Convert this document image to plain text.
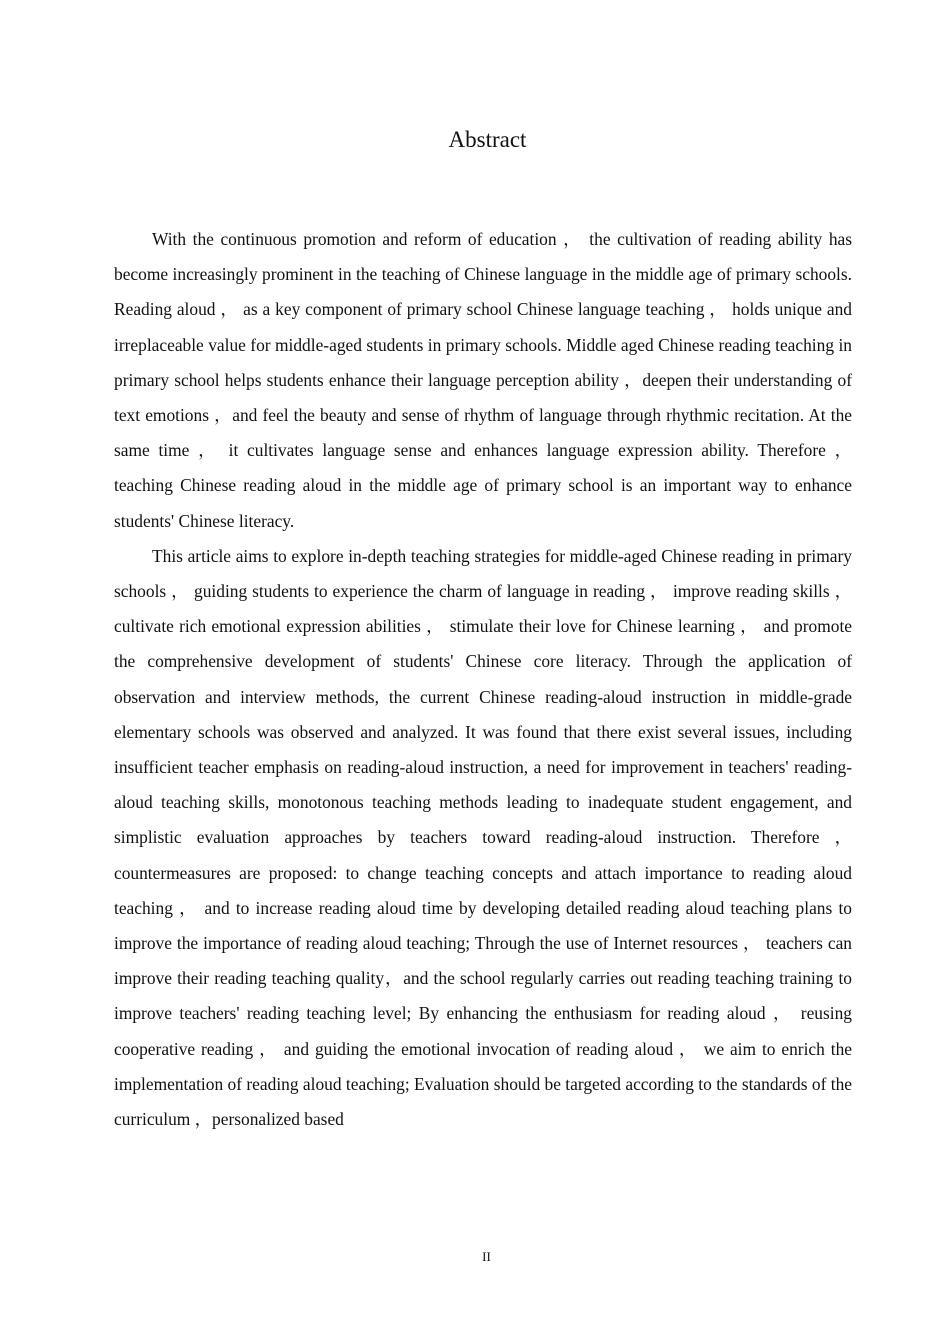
Abstract

With the continuous promotion and reform of education ， the cultivation of reading ability has become increasingly prominent in the teaching of Chinese language in the middle age of primary schools. Reading aloud ， as a key component of primary school Chinese language teaching ， holds unique and irreplaceable value for middle-aged students in primary schools. Middle aged Chinese reading teaching in primary school helps students enhance their language perception ability ，deepen their understanding of text emotions ，and feel the beauty and sense of rhythm of language through rhythmic recitation. At the same time ， it cultivates language sense and enhances language expression ability. Therefore ， teaching Chinese reading aloud in the middle age of primary school is an important way to enhance students' Chinese literacy.

This article aims to explore in-depth teaching strategies for middle-aged Chinese reading in primary schools ， guiding students to experience the charm of language in reading ， improve reading skills ， cultivate rich emotional expression abilities ， stimulate their love for Chinese learning ， and promote the comprehensive development of students' Chinese core literacy. Through the application of observation and interview methods, the current Chinese reading-aloud instruction in middle-grade elementary schools was observed and analyzed. It was found that there exist several issues, including insufficient teacher emphasis on reading-aloud instruction, a need for improvement in teachers' reading-aloud teaching skills, monotonous teaching methods leading to inadequate student engagement, and simplistic evaluation approaches by teachers toward reading-aloud instruction. Therefore ， countermeasures are proposed: to change teaching concepts and attach importance to reading aloud teaching ， and to increase reading aloud time by developing detailed reading aloud teaching plans to improve the importance of reading aloud teaching; Through the use of Internet resources ， teachers can improve their reading teaching quality，and the school regularly carries out reading teaching training to improve teachers' reading teaching level; By enhancing the enthusiasm for reading aloud ， reusing cooperative reading ， and guiding the emotional invocation of reading aloud ， we aim to enrich the implementation of reading aloud teaching; Evaluation should be targeted according to the standards of the curriculum ，personalized based

II
